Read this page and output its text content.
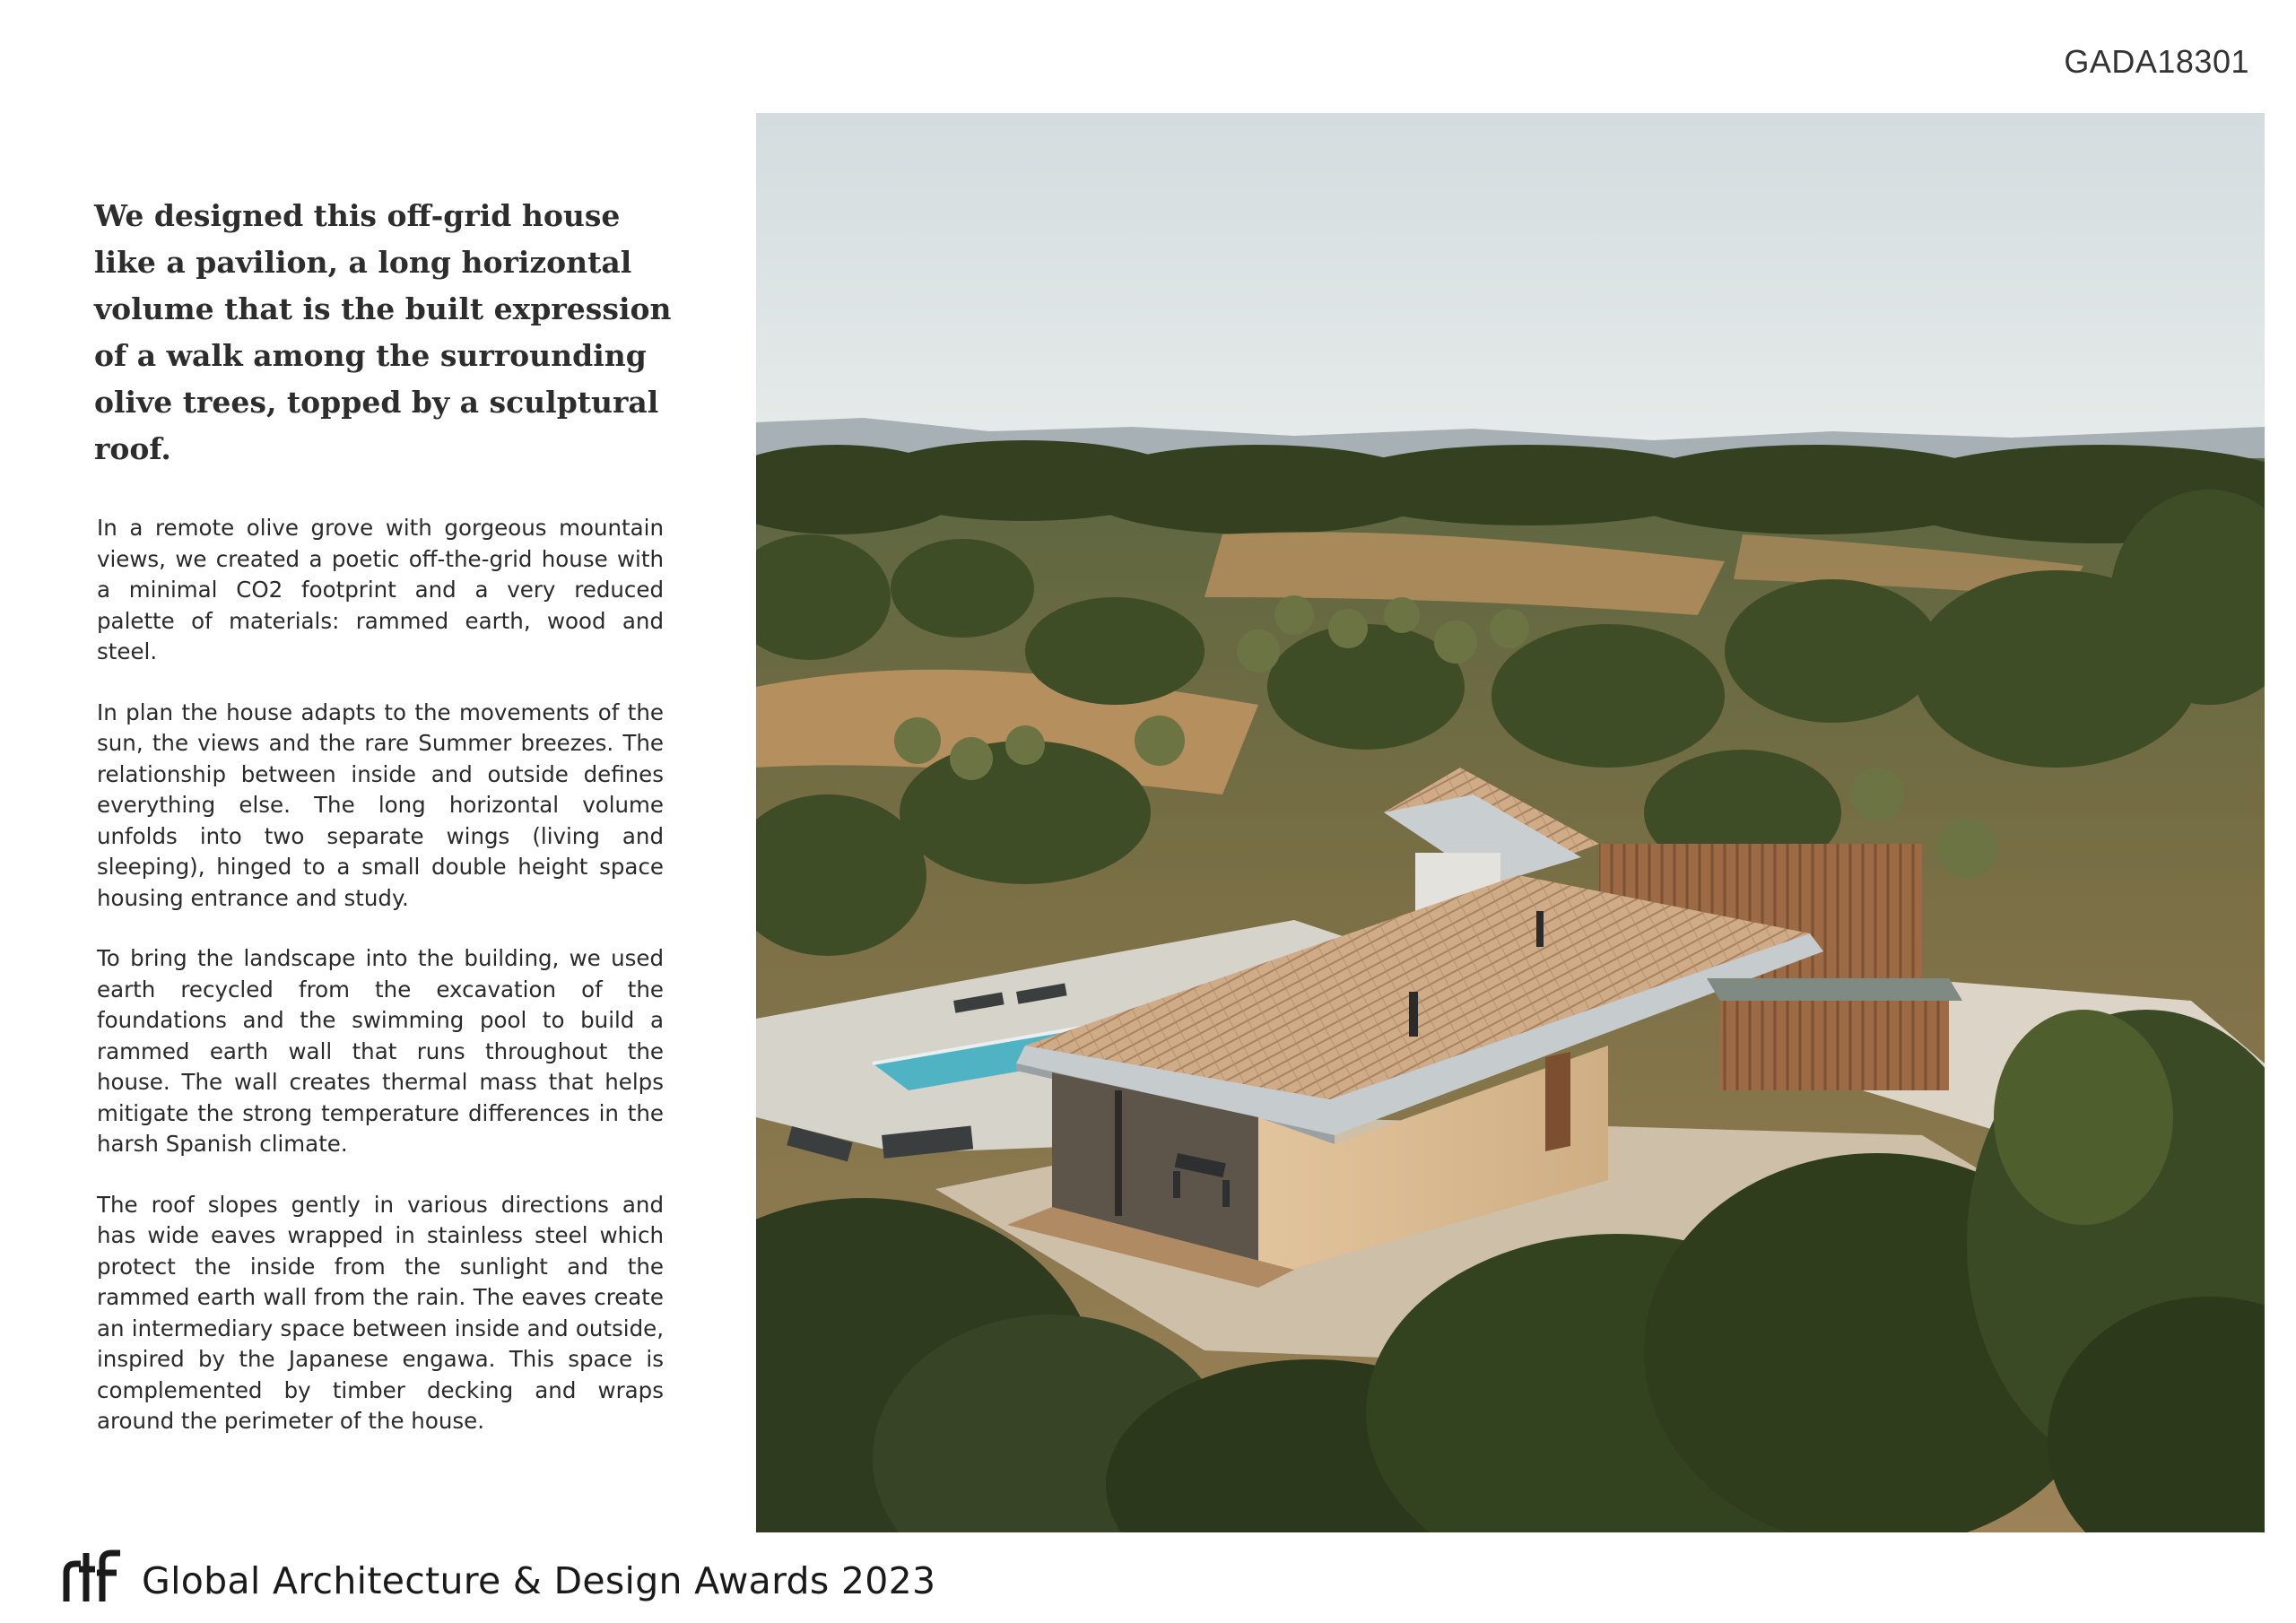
GADA18301
We designed this off-grid house like a pavilion, a long horizontal volume that is the built expression of a walk among the surrounding olive trees, topped by a sculptural roof.

In a remote olive grove with gorgeous mountain views, we created a poetic off-the-grid house with a minimal CO2 footprint and a very reduced palette of materials: rammed earth, wood and steel.

In plan the house adapts to the movements of the sun, the views and the rare Summer breezes. The relationship between inside and outside defines everything else. The long horizontal volume unfolds into two separate wings (living and sleeping), hinged to a small double height space housing entrance and study.

To bring the landscape into the building, we used earth recycled from the excavation of the foundations and the swimming pool to build a rammed earth wall that runs throughout the house. The wall creates thermal mass that helps mitigate the strong temperature differences in the harsh Spanish climate.

The roof slopes gently in various directions and has wide eaves wrapped in stainless steel which protect the inside from the sunlight and the rammed earth wall from the rain. The eaves create an intermediary space between inside and outside, inspired by the Japanese engawa. This space is complemented by timber decking and wraps around the perimeter of the house.

Global Architecture & Design Awards 2023
